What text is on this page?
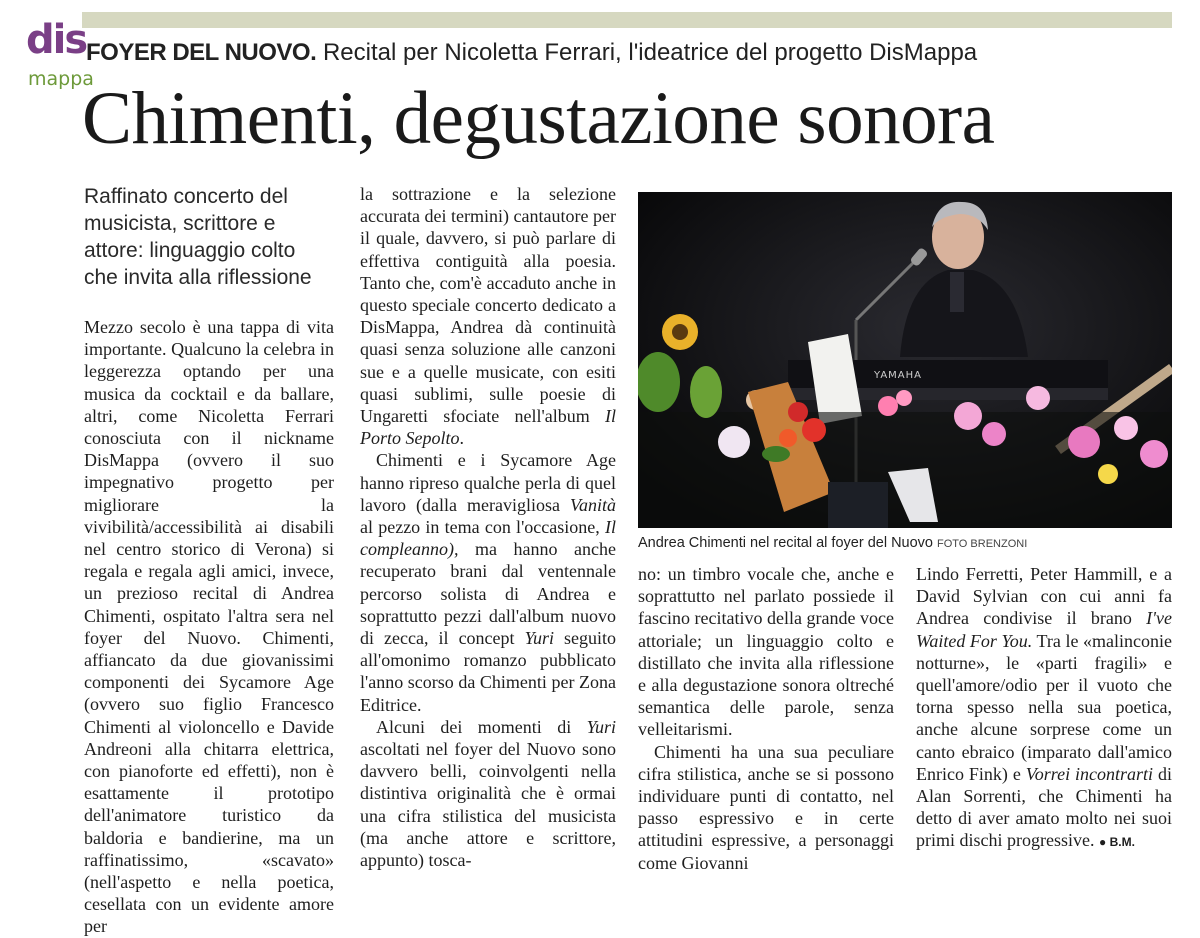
dis
mappa
FOYER DEL NUOVO. Recital per Nicoletta Ferrari, l'ideatrice del progetto DisMappa
Chimenti, degustazione sonora
Raffinato concerto del musicista, scrittore e attore: linguaggio colto che invita alla riflessione

Mezzo secolo è una tappa di vita importante. Qualcuno la celebra in leggerezza optando per una musica da cocktail e da ballare, altri, come Nicoletta Ferrari conosciuta con il nickname DisMappa (ovvero il suo impegnativo progetto per migliorare la vivibilità/accessibilità ai disabili nel centro storico di Verona) si regala e regala agli amici, invece, un prezioso recital di Andrea Chimenti, ospitato l'altra sera nel foyer del Nuovo. Chimenti, affiancato da due giovanissimi componenti dei Sycamore Age (ovvero suo figlio Francesco Chimenti al violoncello e Davide Andreoni alla chitarra elettrica, con pianoforte ed effetti), non è esattamente il prototipo dell'animatore turistico da baldoria e bandierine, ma un raffinatissimo, «scavato» (nell'aspetto e nella poetica, cesellata con un evidente amore per

la sottrazione e la selezione accurata dei termini) cantautore per il quale, davvero, si può parlare di effettiva contiguità alla poesia. Tanto che, com'è accaduto anche in questo speciale concerto dedicato a DisMappa, Andrea dà continuità quasi senza soluzione alle canzoni sue e a quelle musicate, con esiti quasi sublimi, sulle poesie di Ungaretti sfociate nell'album Il Porto Sepolto.

Chimenti e i Sycamore Age hanno ripreso qualche perla di quel lavoro (dalla meravigliosa Vanità al pezzo in tema con l'occasione, Il compleanno), ma hanno anche recuperato brani dal ventennale percorso solista di Andrea e soprattutto pezzi dall'album nuovo di zecca, il concept Yuri seguito all'omonimo romanzo pubblicato l'anno scorso da Chimenti per Zona Editrice.

Alcuni dei momenti di Yuri ascoltati nel foyer del Nuovo sono davvero belli, coinvolgenti nella distintiva originalità che è ormai una cifra stilistica del musicista (ma anche attore e scrittore, appunto) tosca-

YAMAHA
Andrea Chimenti nel recital al foyer del Nuovo FOTO BRENZONI

no: un timbro vocale che, anche e soprattutto nel parlato possiede il fascino recitativo della grande voce attoriale; un linguaggio colto e distillato che invita alla riflessione e alla degustazione sonora oltreché semantica delle parole, senza velleitarismi.

Chimenti ha una sua peculiare cifra stilistica, anche se si possono individuare punti di contatto, nel passo espressivo e in certe attitudini espressive, a personaggi come Giovanni

Lindo Ferretti, Peter Hammill, e a David Sylvian con cui anni fa Andrea condivise il brano I've Waited For You. Tra le «malinconie notturne», le «parti fragili» e quell'amore/odio per il vuoto che torna spesso nella sua poetica, anche alcune sorprese come un canto ebraico (imparato dall'amico Enrico Fink) e Vorrei incontrarti di Alan Sorrenti, che Chimenti ha detto di aver amato molto nei suoi primi dischi progressive. ● B.M.
